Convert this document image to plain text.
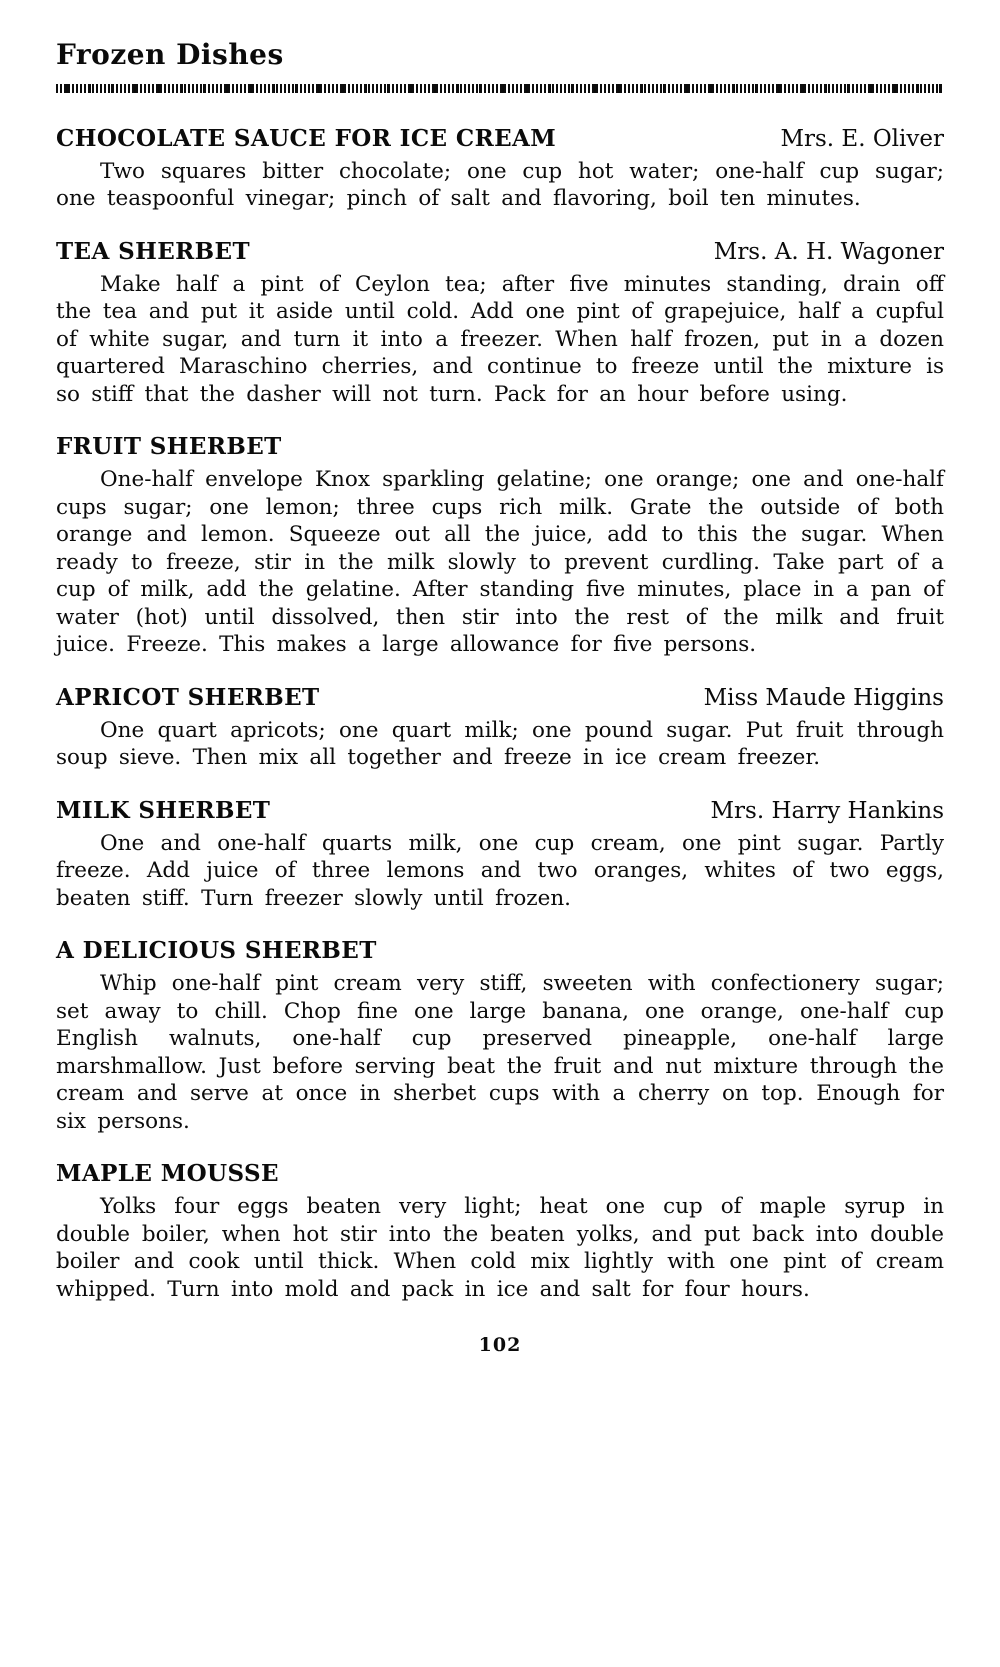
Frozen Dishes
CHOCOLATE SAUCE FOR ICE CREAM	Mrs. E. Oliver

Two squares bitter chocolate; one cup hot water; one-half cup sugar; one teaspoonful vinegar; pinch of salt and flavoring, boil ten minutes.

TEA SHERBET	Mrs. A. H. Wagoner

Make half a pint of Ceylon tea; after five minutes standing, drain off the tea and put it aside until cold. Add one pint of grapejuice, half a cupful of white sugar, and turn it into a freezer. When half frozen, put in a dozen quartered Maraschino cherries, and continue to freeze until the mixture is so stiff that the dasher will not turn. Pack for an hour before using.

FRUIT SHERBET

One-half envelope Knox sparkling gelatine; one orange; one and one-half cups sugar; one lemon; three cups rich milk. Grate the outside of both orange and lemon. Squeeze out all the juice, add to this the sugar. When ready to freeze, stir in the milk slowly to prevent curdling. Take part of a cup of milk, add the gelatine. After standing five minutes, place in a pan of water (hot) until dissolved, then stir into the rest of the milk and fruit juice. Freeze. This makes a large allowance for five persons.

APRICOT SHERBET	Miss Maude Higgins

One quart apricots; one quart milk; one pound sugar. Put fruit through soup sieve. Then mix all together and freeze in ice cream freezer.

MILK SHERBET	Mrs. Harry Hankins

One and one-half quarts milk, one cup cream, one pint sugar. Partly freeze. Add juice of three lemons and two oranges, whites of two eggs, beaten stiff. Turn freezer slowly until frozen.

A DELICIOUS SHERBET

Whip one-half pint cream very stiff, sweeten with confectionery sugar; set away to chill. Chop fine one large banana, one orange, one-half cup English walnuts, one-half cup preserved pineapple, one-half large marshmallow. Just before serving beat the fruit and nut mixture through the cream and serve at once in sherbet cups with a cherry on top. Enough for six persons.

MAPLE MOUSSE

Yolks four eggs beaten very light; heat one cup of maple syrup in double boiler, when hot stir into the beaten yolks, and put back into double boiler and cook until thick. When cold mix lightly with one pint of cream whipped. Turn into mold and pack in ice and salt for four hours.

102
